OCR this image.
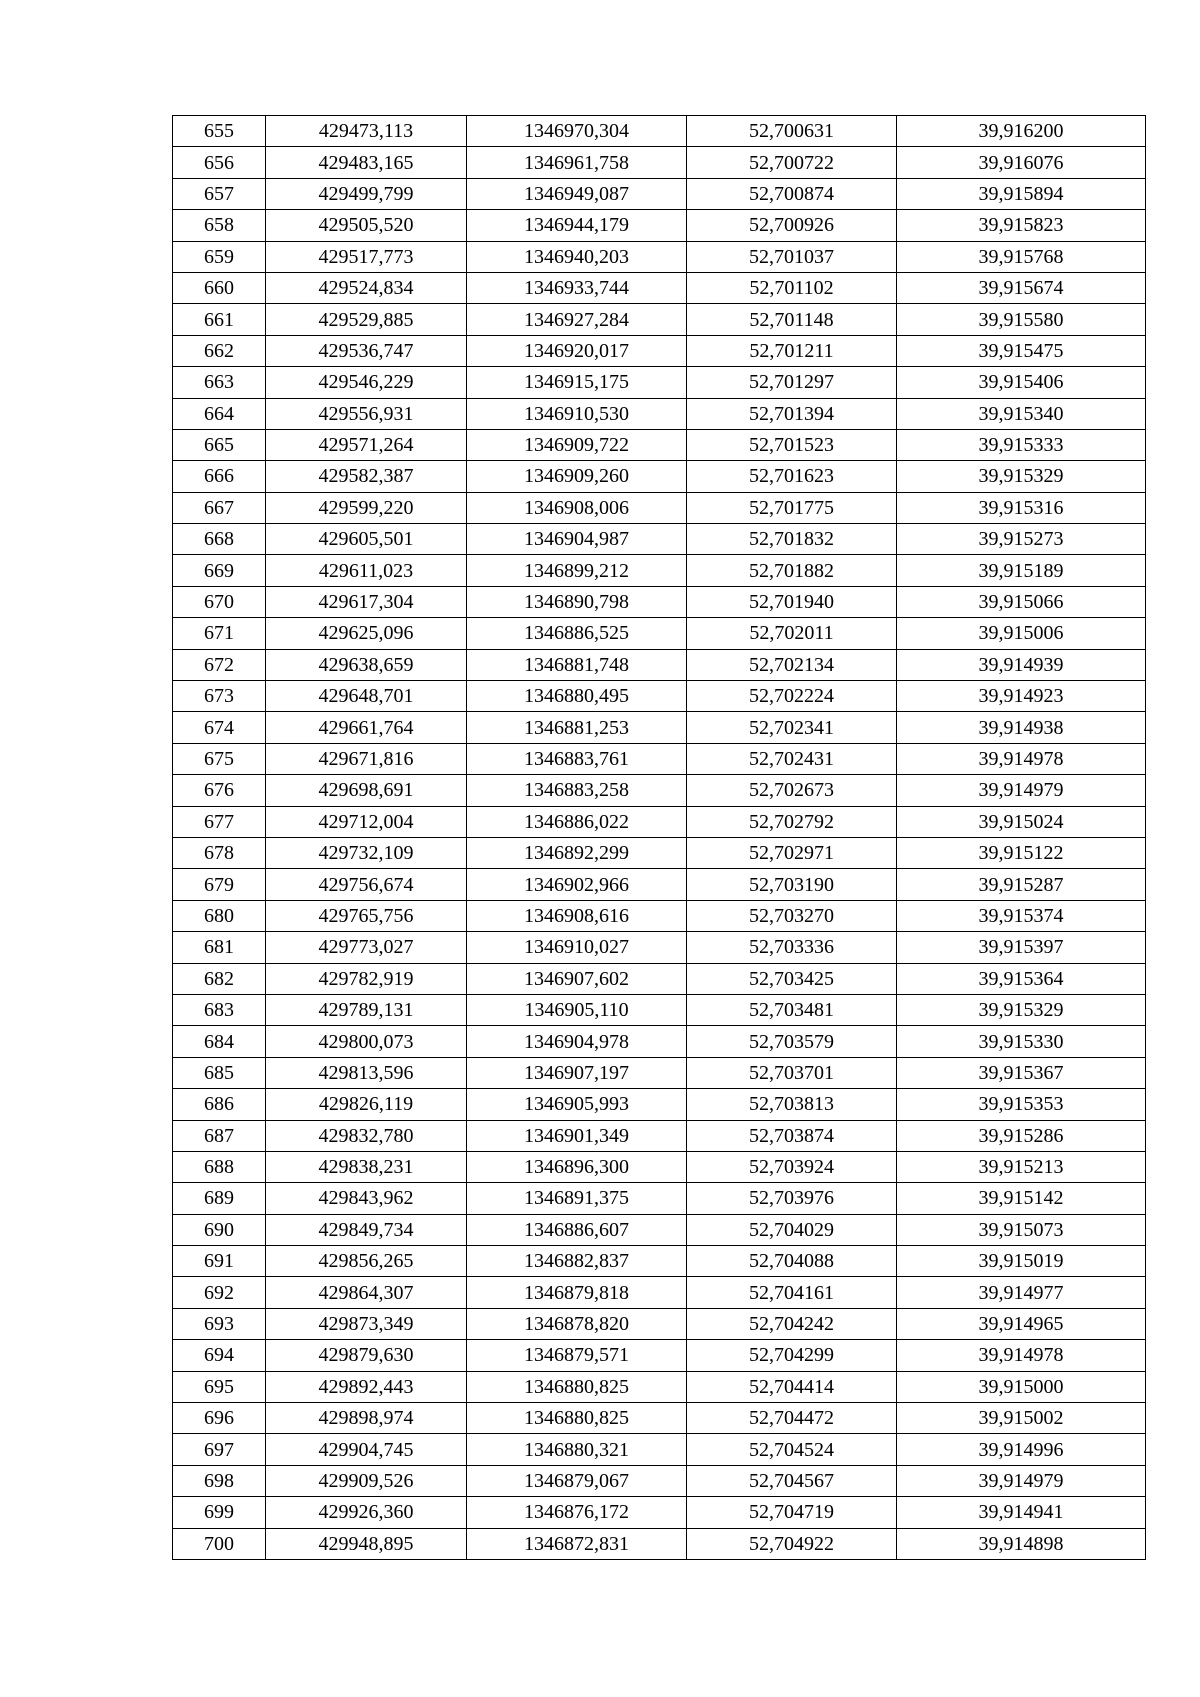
655	429473,113	1346970,304	52,700631	39,916200
656	429483,165	1346961,758	52,700722	39,916076
657	429499,799	1346949,087	52,700874	39,915894
658	429505,520	1346944,179	52,700926	39,915823
659	429517,773	1346940,203	52,701037	39,915768
660	429524,834	1346933,744	52,701102	39,915674
661	429529,885	1346927,284	52,701148	39,915580
662	429536,747	1346920,017	52,701211	39,915475
663	429546,229	1346915,175	52,701297	39,915406
664	429556,931	1346910,530	52,701394	39,915340
665	429571,264	1346909,722	52,701523	39,915333
666	429582,387	1346909,260	52,701623	39,915329
667	429599,220	1346908,006	52,701775	39,915316
668	429605,501	1346904,987	52,701832	39,915273
669	429611,023	1346899,212	52,701882	39,915189
670	429617,304	1346890,798	52,701940	39,915066
671	429625,096	1346886,525	52,702011	39,915006
672	429638,659	1346881,748	52,702134	39,914939
673	429648,701	1346880,495	52,702224	39,914923
674	429661,764	1346881,253	52,702341	39,914938
675	429671,816	1346883,761	52,702431	39,914978
676	429698,691	1346883,258	52,702673	39,914979
677	429712,004	1346886,022	52,702792	39,915024
678	429732,109	1346892,299	52,702971	39,915122
679	429756,674	1346902,966	52,703190	39,915287
680	429765,756	1346908,616	52,703270	39,915374
681	429773,027	1346910,027	52,703336	39,915397
682	429782,919	1346907,602	52,703425	39,915364
683	429789,131	1346905,110	52,703481	39,915329
684	429800,073	1346904,978	52,703579	39,915330
685	429813,596	1346907,197	52,703701	39,915367
686	429826,119	1346905,993	52,703813	39,915353
687	429832,780	1346901,349	52,703874	39,915286
688	429838,231	1346896,300	52,703924	39,915213
689	429843,962	1346891,375	52,703976	39,915142
690	429849,734	1346886,607	52,704029	39,915073
691	429856,265	1346882,837	52,704088	39,915019
692	429864,307	1346879,818	52,704161	39,914977
693	429873,349	1346878,820	52,704242	39,914965
694	429879,630	1346879,571	52,704299	39,914978
695	429892,443	1346880,825	52,704414	39,915000
696	429898,974	1346880,825	52,704472	39,915002
697	429904,745	1346880,321	52,704524	39,914996
698	429909,526	1346879,067	52,704567	39,914979
699	429926,360	1346876,172	52,704719	39,914941
700	429948,895	1346872,831	52,704922	39,914898
